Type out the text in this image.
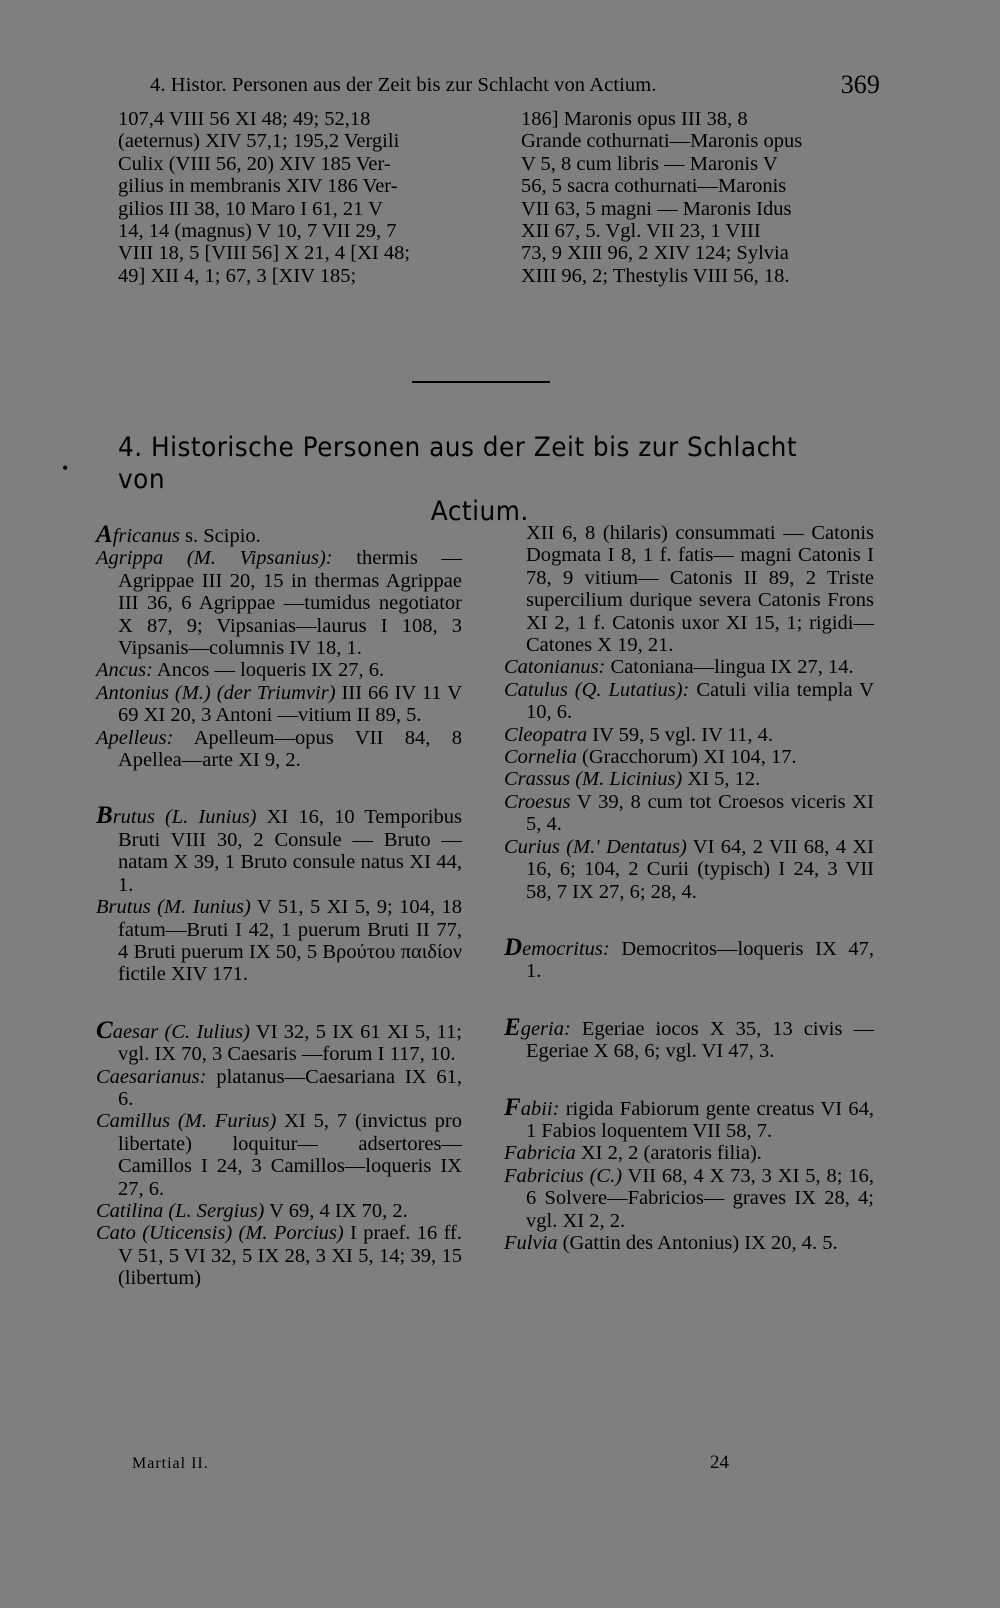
4. Histor. Personen aus der Zeit bis zur Schlacht von Actium.	369

107,4 VIII 56 XI 48; 49; 52,18

(aeternus) XIV 57,1; 195,2 Vergili

Culix (VIII 56, 20) XIV 185 Ver-

gilius in membranis XIV 186 Ver-

gilios III 38, 10 Maro I 61, 21 V

14, 14 (magnus) V 10, 7 VII 29, 7

VIII 18, 5 [VIII 56] X 21, 4 [XI 48;

49] XII 4, 1; 67, 3 [XIV 185;

186] Maronis opus III 38, 8

Grande cothurnati—Maronis opus

V 5, 8 cum libris — Maronis V

56, 5 sacra cothurnati—Maronis

VII 63, 5 magni — Maronis Idus

XII 67, 5. Vgl. VII 23, 1 VIII

73, 9 XIII 96, 2 XIV 124; Sylvia

XIII 96, 2; Thestylis VIII 56, 18.

•
4. Historische Personen aus der Zeit bis zur Schlacht von
Actium.

Africanus s. Scipio.

Agrippa (M. Vipsanius): thermis —Agrippae III 20, 15 in thermas Agrippae III 36, 6 Agrippae —tumidus negotiator X 87, 9; Vipsanias—laurus I 108, 3 Vipsanis—columnis IV 18, 1.

Ancus: Ancos — loqueris IX 27, 6.

Antonius (M.) (der Triumvir) III 66 IV 11 V 69 XI 20, 3 Antoni —vitium II 89, 5.

Apelleus: Apelleum—opus VII 84, 8 Apellea—arte XI 9, 2.

Brutus (L. Iunius) XI 16, 10 Temporibus Bruti VIII 30, 2 Consule — Bruto — natam X 39, 1 Bruto consule natus XI 44, 1.

Brutus (M. Iunius) V 51, 5 XI 5, 9; 104, 18 fatum—Bruti I 42, 1 puerum Bruti II 77, 4 Bruti puerum IX 50, 5 Βρούτου παιδίον fictile XIV 171.

Caesar (C. Iulius) VI 32, 5 IX 61 XI 5, 11; vgl. IX 70, 3 Caesaris —forum I 117, 10.

Caesarianus: platanus—Caesariana IX 61, 6.

Camillus (M. Furius) XI 5, 7 (invictus pro libertate) loquitur— adsertores—Camillos I 24, 3 Camillos—loqueris IX 27, 6.

Catilina (L. Sergius) V 69, 4 IX 70, 2.

Cato (Uticensis) (M. Porcius) I praef. 16 ff. V 51, 5 VI 32, 5 IX 28, 3 XI 5, 14; 39, 15 (libertum)

XII 6, 8 (hilaris) consummati — Catonis Dogmata I 8, 1 f. fatis— magni Catonis I 78, 9 vitium— Catonis II 89, 2 Triste supercilium durique severa Catonis Frons XI 2, 1 f. Catonis uxor XI 15, 1; rigidi—Catones X 19, 21.

Catonianus: Catoniana—lingua IX 27, 14.

Catulus (Q. Lutatius): Catuli vilia templa V 10, 6.

Cleopatra IV 59, 5 vgl. IV 11, 4.

Cornelia (Gracchorum) XI 104, 17.

Crassus (M. Licinius) XI 5, 12.

Croesus V 39, 8 cum tot Croesos viceris XI 5, 4.

Curius (M.' Dentatus) VI 64, 2 VII 68, 4 XI 16, 6; 104, 2 Curii (typisch) I 24, 3 VII 58, 7 IX 27, 6; 28, 4.

Democritus: Democritos—loqueris IX 47, 1.

Egeria: Egeriae iocos X 35, 13 civis — Egeriae X 68, 6; vgl. VI 47, 3.

Fabii: rigida Fabiorum gente creatus VI 64, 1 Fabios loquentem VII 58, 7.

Fabricia XI 2, 2 (aratoris filia).

Fabricius (C.) VII 68, 4 X 73, 3 XI 5, 8; 16, 6 Solvere—Fabricios— graves IX 28, 4; vgl. XI 2, 2.

Fulvia (Gattin des Antonius) IX 20, 4. 5.

Martial II.	24
